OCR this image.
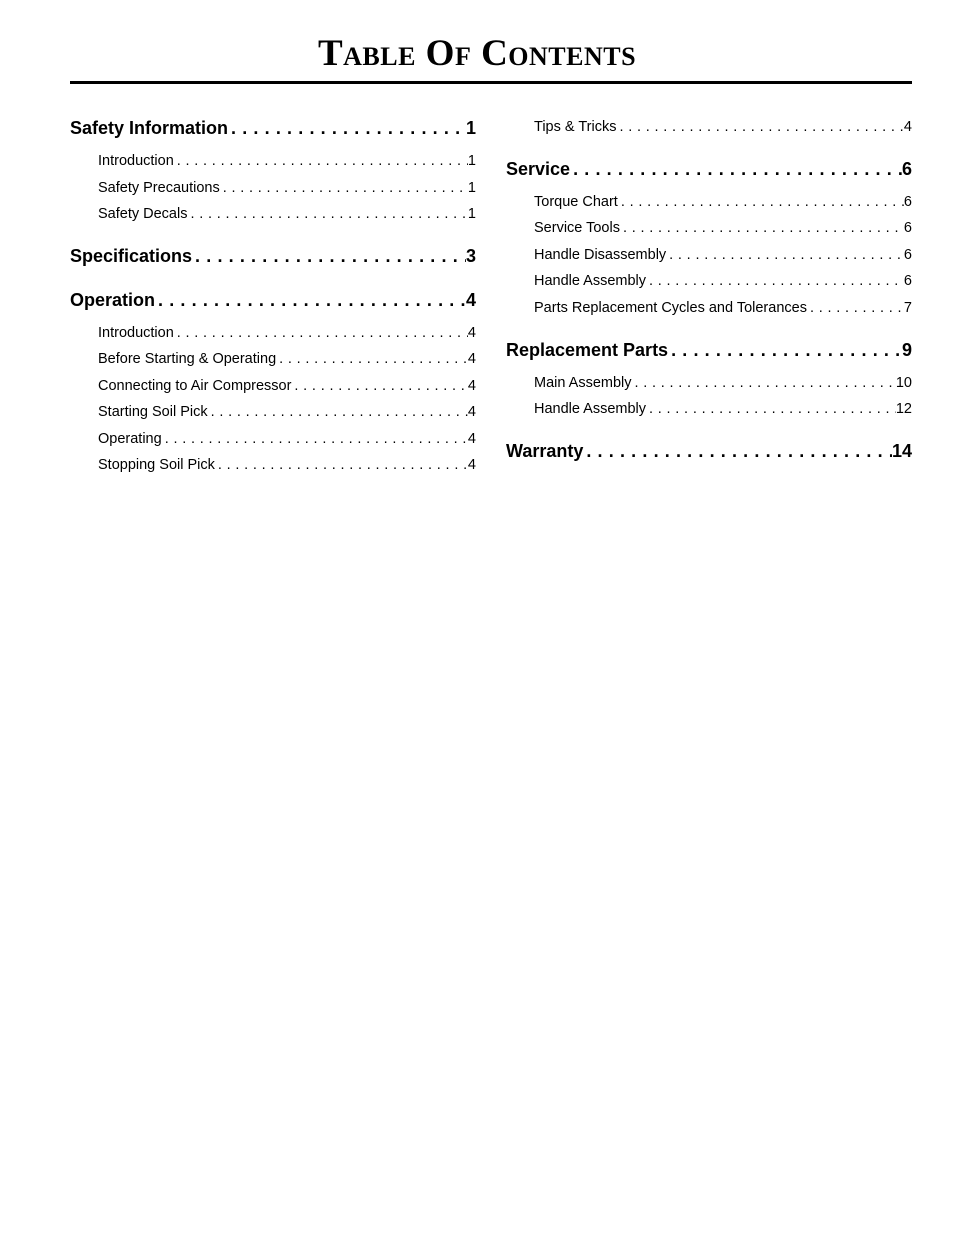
Table Of Contents
Safety Information . . .	1
Introduction . . .	1
Safety Precautions . . .	1
Safety Decals . . .	1
Specifications . . .	3
Operation . . .	4
Introduction . . .	4
Before Starting & Operating . . .	4
Connecting to Air Compressor . . .	4
Starting Soil Pick . . .	4
Operating . . .	4
Stopping Soil Pick . . .	4
Tips & Tricks . . .	4
Service . . .	6
Torque Chart . . .	6
Service Tools . . .	6
Handle Disassembly . . .	6
Handle Assembly . . .	6
Parts Replacement Cycles and Tolerances . . .	7
Replacement Parts . . .	9
Main Assembly . . .	10
Handle Assembly . . .	12
Warranty . . .	14
